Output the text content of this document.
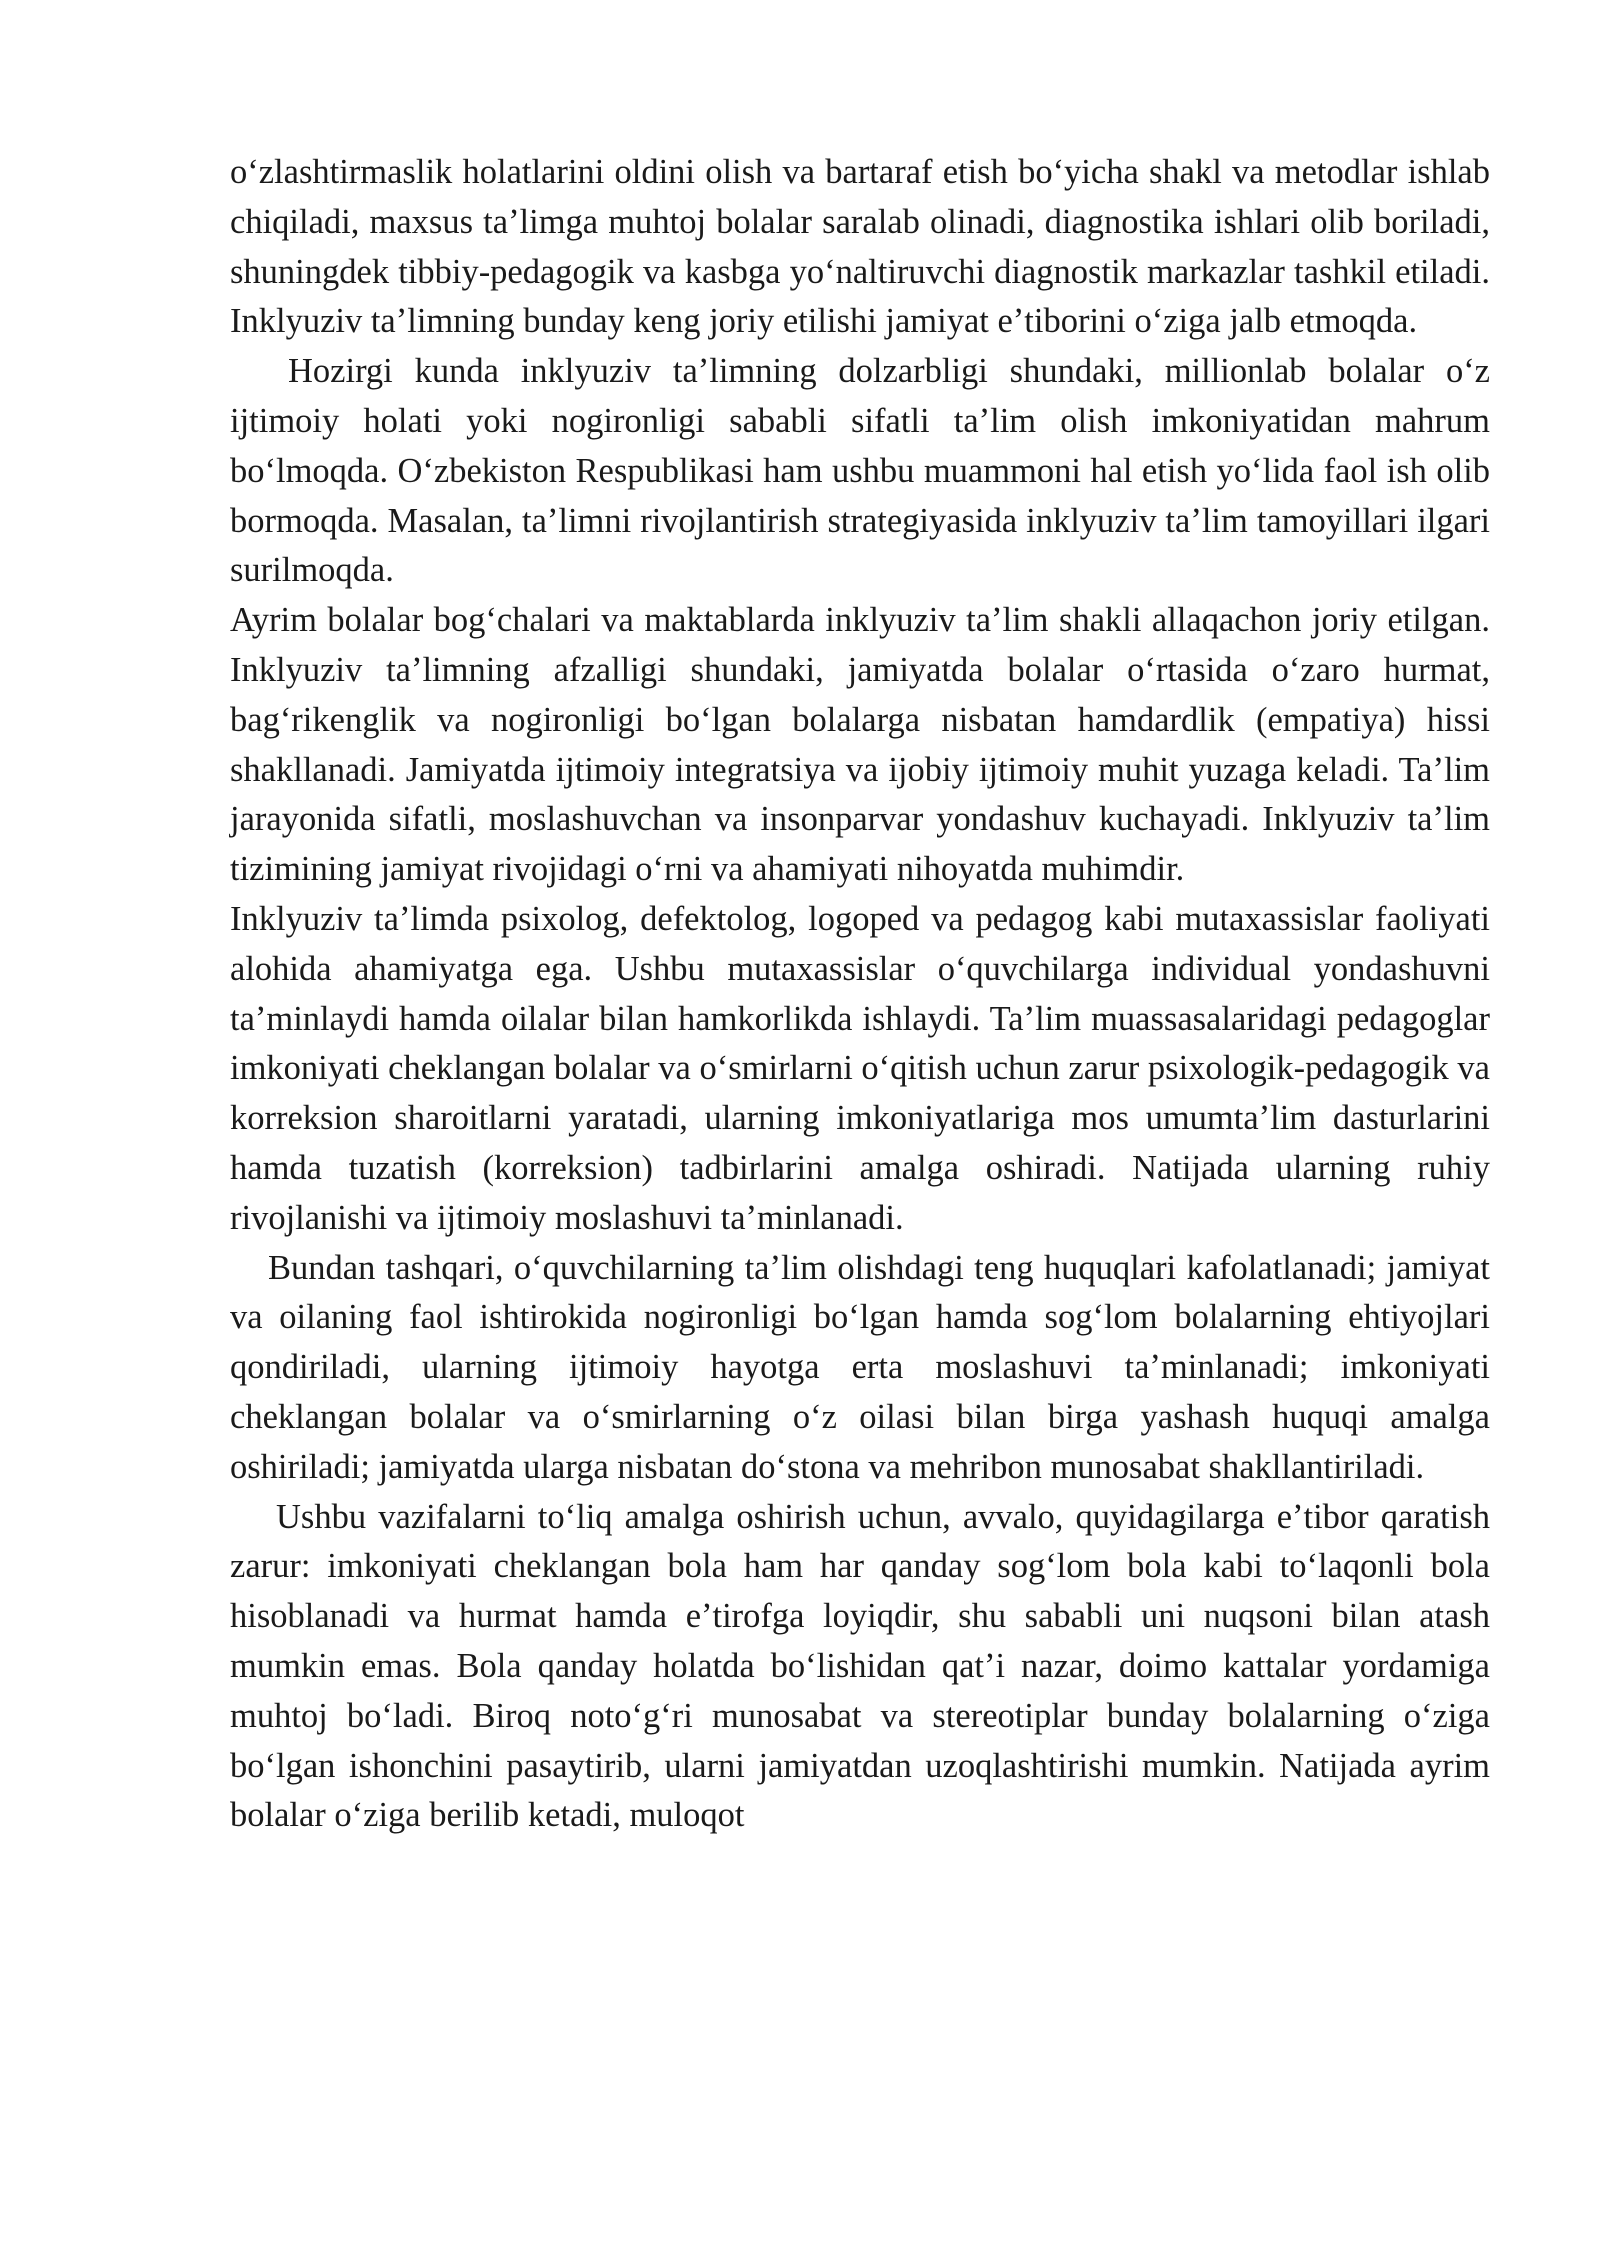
oʻzlashtirmaslik holatlarini oldini olish va bartaraf etish boʻyicha shakl va metodlar ishlab chiqiladi, maxsus taʼlimga muhtoj bolalar saralab olinadi, diagnostika ishlari olib boriladi, shuningdek tibbiy-pedagogik va kasbga yoʻnaltiruvchi diagnostik markazlar tashkil etiladi. Inklyuziv taʼlimning bunday keng joriy etilishi jamiyat eʼtiborini oʻziga jalb etmoqda.

Hozirgi kunda inklyuziv taʼlimning dolzarbligi shundaki, millionlab bolalar oʻz ijtimoiy holati yoki nogironligi sababli sifatli taʼlim olish imkoniyatidan mahrum boʻlmoqda. Oʻzbekiston Respublikasi ham ushbu muammoni hal etish yoʻlida faol ish olib bormoqda. Masalan, taʼlimni rivojlantirish strategiyasida inklyuziv taʼlim tamoyillari ilgari surilmoqda.

Ayrim bolalar bogʻchalari va maktablarda inklyuziv taʼlim shakli allaqachon joriy etilgan. Inklyuziv taʼlimning afzalligi shundaki, jamiyatda bolalar oʻrtasida oʻzaro hurmat, bagʻrikenglik va nogironligi boʻlgan bolalarga nisbatan hamdardlik (empatiya) hissi shakllanadi. Jamiyatda ijtimoiy integratsiya va ijobiy ijtimoiy muhit yuzaga keladi. Taʼlim jarayonida sifatli, moslashuvchan va insonparvar yondashuv kuchayadi. Inklyuziv taʼlim tizimining jamiyat rivojidagi oʻrni va ahamiyati nihoyatda muhimdir.

Inklyuziv taʼlimda psixolog, defektolog, logoped va pedagog kabi mutaxassislar faoliyati alohida ahamiyatga ega. Ushbu mutaxassislar oʻquvchilarga individual yondashuvni taʼminlaydi hamda oilalar bilan hamkorlikda ishlaydi. Taʼlim muassasalaridagi pedagoglar imkoniyati cheklangan bolalar va oʻsmirlarni oʻqitish uchun zarur psixologik-pedagogik va korreksion sharoitlarni yaratadi, ularning imkoniyatlariga mos umumtaʼlim dasturlarini hamda tuzatish (korreksion) tadbirlarini amalga oshiradi. Natijada ularning ruhiy rivojlanishi va ijtimoiy moslashuvi taʼminlanadi.

Bundan tashqari, oʻquvchilarning taʼlim olishdagi teng huquqlari kafolatlanadi; jamiyat va oilaning faol ishtirokida nogironligi boʻlgan hamda sogʻlom bolalarning ehtiyojlari qondiriladi, ularning ijtimoiy hayotga erta moslashuvi taʼminlanadi; imkoniyati cheklangan bolalar va oʻsmirlarning oʻz oilasi bilan birga yashash huquqi amalga oshiriladi; jamiyatda ularga nisbatan doʻstona va mehribon munosabat shakllantiriladi.

Ushbu vazifalarni toʻliq amalga oshirish uchun, avvalo, quyidagilarga eʼtibor qaratish zarur: imkoniyati cheklangan bola ham har qanday sogʻlom bola kabi toʻlaqonli bola hisoblanadi va hurmat hamda eʼtirofga loyiqdir, shu sababli uni nuqsoni bilan atash mumkin emas. Bola qanday holatda boʻlishidan qatʼi nazar, doimo kattalar yordamiga muhtoj boʻladi. Biroq notoʻgʻri munosabat va stereotiplar bunday bolalarning oʻziga boʻlgan ishonchini pasaytirib, ularni jamiyatdan uzoqlashtirishi mumkin. Natijada ayrim bolalar oʻziga berilib ketadi, muloqot
